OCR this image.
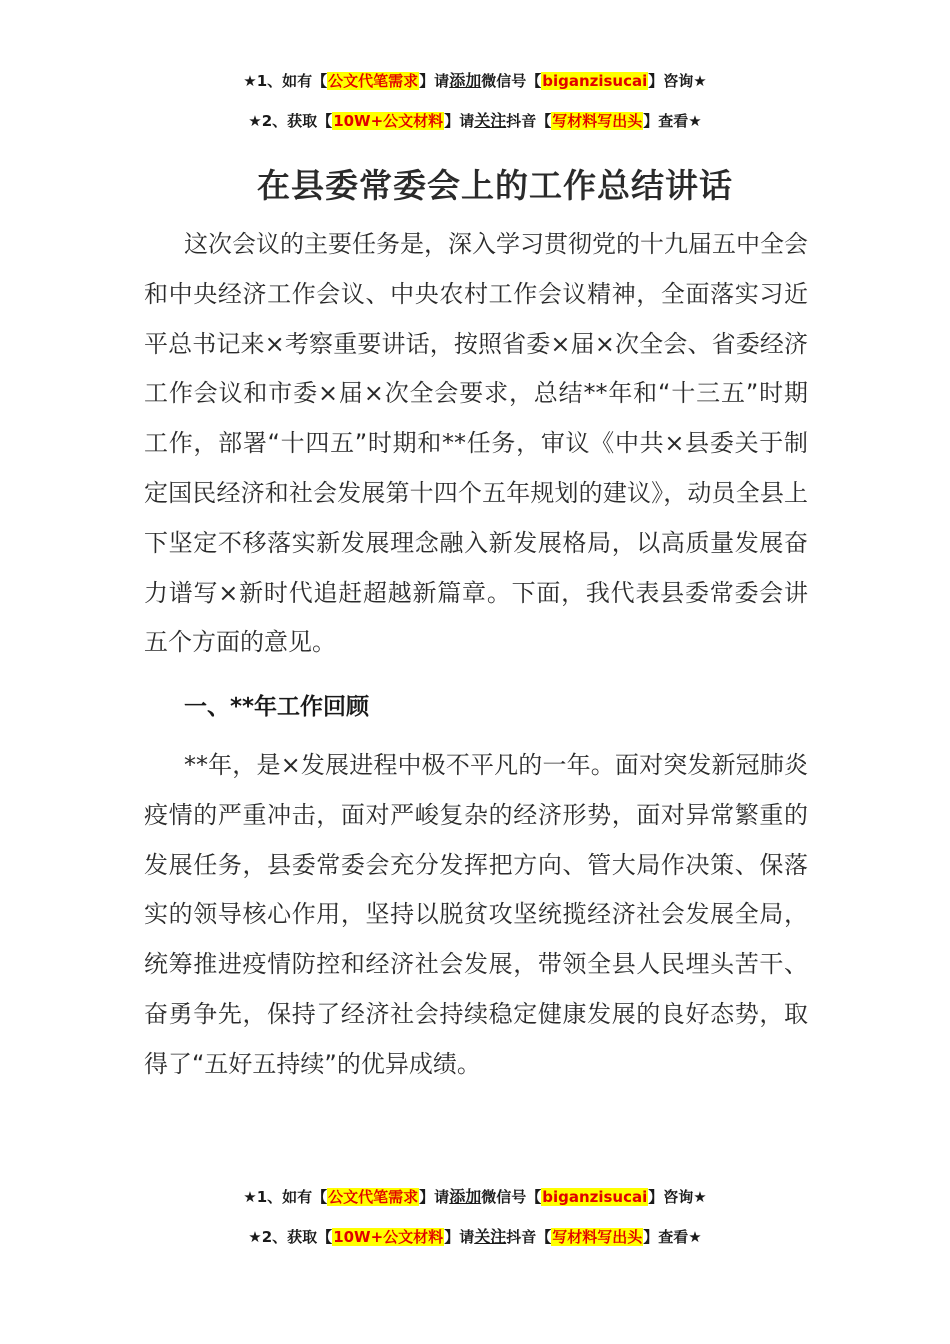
★1、如有【公文代笔需求】请添加微信号【biganzisucai】咨询★
★2、获取【10W+公文材料】请关注抖音【写材料写出头】查看★
在县委常委会上的工作总结讲话

这次会议的主要任务是，深入学习贯彻党的十九届五中全会和中央经济工作会议、中央农村工作会议精神，全面落实习近平总书记来×考察重要讲话，按照省委×届×次全会、省委经济工作会议和市委×届×次全会要求，总结**年和“十三五”时期工作，部署“十四五”时期和**任务，审议《中共×县委关于制定国民经济和社会发展第十四个五年规划的建议》，动员全县上下坚定不移落实新发展理念融入新发展格局，以高质量发展奋力谱写×新时代追赶超越新篇章。下面，我代表县委常委会讲五个方面的意见。

一、**年工作回顾

**年，是×发展进程中极不平凡的一年。面对突发新冠肺炎疫情的严重冲击，面对严峻复杂的经济形势，面对异常繁重的发展任务，县委常委会充分发挥把方向、管大局作决策、保落实的领导核心作用，坚持以脱贫攻坚统揽经济社会发展全局，统筹推进疫情防控和经济社会发展，带领全县人民埋头苦干、奋勇争先，保持了经济社会持续稳定健康发展的良好态势，取得了“五好五持续”的优异成绩。

★1、如有【公文代笔需求】请添加微信号【biganzisucai】咨询★
★2、获取【10W+公文材料】请关注抖音【写材料写出头】查看★
